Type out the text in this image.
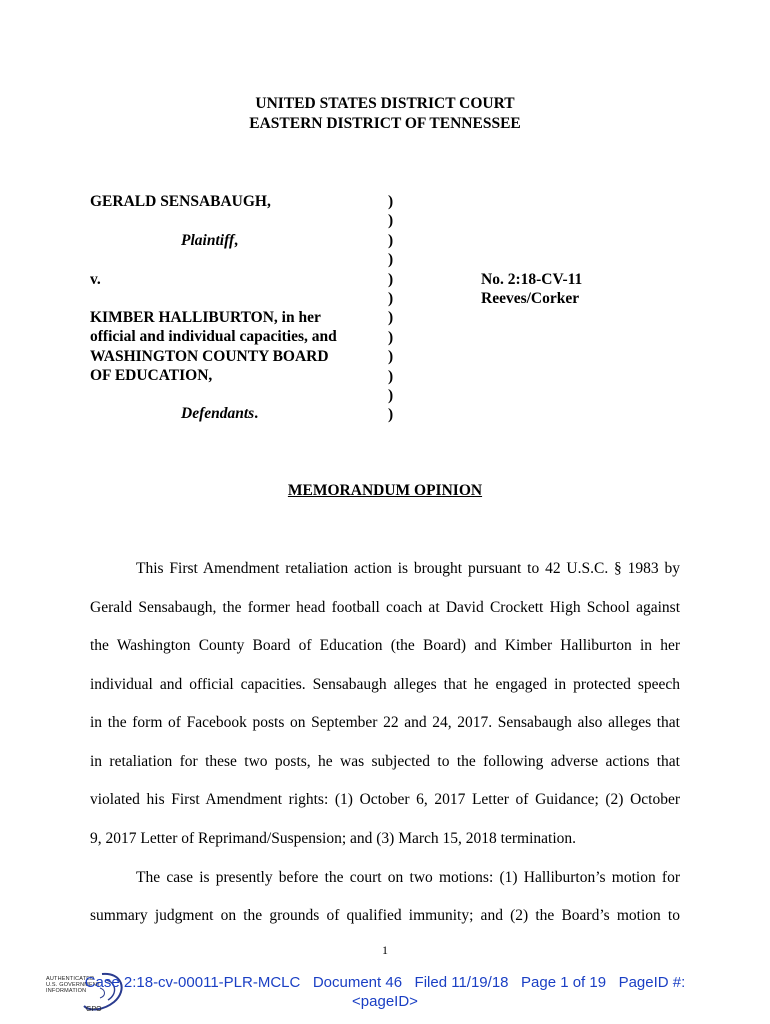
UNITED STATES DISTRICT COURT
EASTERN DISTRICT OF TENNESSEE
GERALD SENSABAUGH,
Plaintiff,
v.
KIMBER HALLIBURTON, in her
official and individual capacities, and
WASHINGTON COUNTY BOARD
OF EDUCATION,
Defendants.
)
)
)
)
)
)
)
)
)
)
)
)
No. 2:18-CV-11
Reeves/Corker
MEMORANDUM OPINION
This First Amendment retaliation action is brought pursuant to 42 U.S.C. § 1983 by
Gerald Sensabaugh, the former head football coach at David Crockett High School against
the Washington County Board of Education (the Board) and Kimber Halliburton in her
individual and official capacities. Sensabaugh alleges that he engaged in protected speech
in the form of Facebook posts on September 22 and 24, 2017. Sensabaugh also alleges that
in retaliation for these two posts, he was subjected to the following adverse actions that
violated his First Amendment rights: (1) October 6, 2017 Letter of Guidance; (2) October
9, 2017 Letter of Reprimand/Suspension; and (3) March 15, 2018 termination.
The case is presently before the court on two motions: (1) Halliburton’s motion for
summary judgment on the grounds of qualified immunity; and (2) the Board’s motion to
1
AUTHENTICATED
U.S. GOVERNMENT
INFORMATION
GPO
Case 2:18-cv-00011-PLR-MCLC   Document 46   Filed 11/19/18   Page 1 of 19   PageID #:
<pageID>
